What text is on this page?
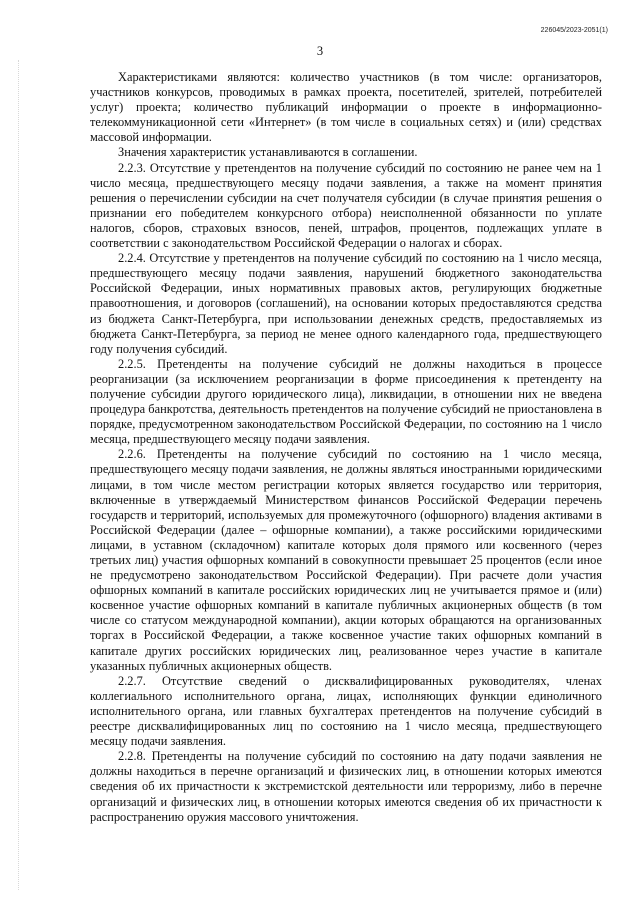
226045/2023-2051(1)
3

Характеристиками являются: количество участников (в том числе: организаторов, участников конкурсов, проводимых в рамках проекта, посетителей, зрителей, потребителей услуг) проекта; количество публикаций информации о проекте в информационно-телекоммуникационной сети «Интернет» (в том числе в социальных сетях) и (или) средствах массовой информации.

Значения характеристик устанавливаются в соглашении.

2.2.3. Отсутствие у претендентов на получение субсидий по состоянию не ранее чем на 1 число месяца, предшествующего месяцу подачи заявления, а также на момент принятия решения о перечислении субсидии на счет получателя субсидии (в случае принятия решения о признании его победителем конкурсного отбора) неисполненной обязанности по уплате налогов, сборов, страховых взносов, пеней, штрафов, процентов, подлежащих уплате в соответствии с законодательством Российской Федерации о налогах и сборах.

2.2.4. Отсутствие у претендентов на получение субсидий по состоянию на 1 число месяца, предшествующего месяцу подачи заявления, нарушений бюджетного законодательства Российской Федерации, иных нормативных правовых актов, регулирующих бюджетные правоотношения, и договоров (соглашений), на основании которых предоставляются средства из бюджета Санкт-Петербурга, при использовании денежных средств, предоставляемых из бюджета Санкт-Петербурга, за период не менее одного календарного года, предшествующего году получения субсидий.

2.2.5. Претенденты на получение субсидий не должны находиться в процессе реорганизации (за исключением реорганизации в форме присоединения к претенденту на получение субсидии другого юридического лица), ликвидации, в отношении них не введена процедура банкротства, деятельность претендентов на получение субсидий не приостановлена в порядке, предусмотренном законодательством Российской Федерации, по состоянию на 1 число месяца, предшествующего месяцу подачи заявления.

2.2.6. Претенденты на получение субсидий по состоянию на 1 число месяца, предшествующего месяцу подачи заявления, не должны являться иностранными юридическими лицами, в том числе местом регистрации которых является государство или территория, включенные в утверждаемый Министерством финансов Российской Федерации перечень государств и территорий, используемых для промежуточного (офшорного) владения активами в Российской Федерации (далее – офшорные компании), а также российскими юридическими лицами, в уставном (складочном) капитале которых доля прямого или косвенного (через третьих лиц) участия офшорных компаний в совокупности превышает 25 процентов (если иное не предусмотрено законодательством Российской Федерации). При расчете доли участия офшорных компаний в капитале российских юридических лиц не учитывается прямое и (или) косвенное участие офшорных компаний в капитале публичных акционерных обществ (в том числе со статусом международной компании), акции которых обращаются на организованных торгах в Российской Федерации, а также косвенное участие таких офшорных компаний в капитале других российских юридических лиц, реализованное через участие в капитале указанных публичных акционерных обществ.

2.2.7. Отсутствие сведений о дисквалифицированных руководителях, членах коллегиального исполнительного органа, лицах, исполняющих функции единоличного исполнительного органа, или главных бухгалтерах претендентов на получение субсидий в реестре дисквалифицированных лиц по состоянию на 1 число месяца, предшествующего месяцу подачи заявления.

2.2.8. Претенденты на получение субсидий по состоянию на дату подачи заявления не должны находиться в перечне организаций и физических лиц, в отношении которых имеются сведения об их причастности к экстремистской деятельности или терроризму, либо в перечне организаций и физических лиц, в отношении которых имеются сведения об их причастности к распространению оружия массового уничтожения.
